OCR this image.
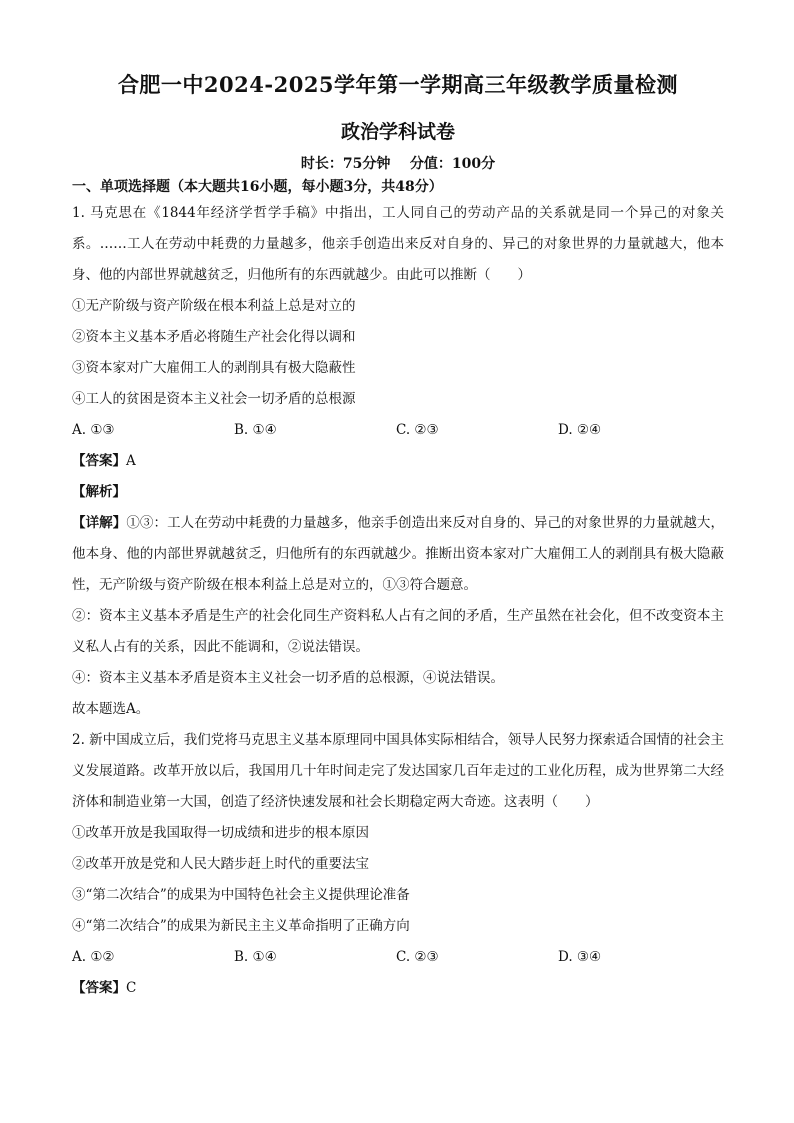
合肥一中2024-2025学年第一学期高三年级教学质量检测
政治学科试卷
时长：75分钟    分值：100分
一、单项选择题（本大题共16小题，每小题3分，共48分）

1. 马克思在《1844年经济学哲学手稿》中指出，工人同自己的劳动产品的关系就是同一个异己的对象关系。……工人在劳动中耗费的力量越多，他亲手创造出来反对自身的、异己的对象世界的力量就越大，他本身、他的内部世界就越贫乏，归他所有的东西就越少。由此可以推断（　　）

①无产阶级与资产阶级在根本利益上总是对立的

②资本主义基本矛盾必将随生产社会化得以调和

③资本家对广大雇佣工人的剥削具有极大隐蔽性

④工人的贫困是资本主义社会一切矛盾的总根源

A. ①③	B. ①④	C. ②③	D. ②④
【答案】A
【解析】

【详解】①③：工人在劳动中耗费的力量越多，他亲手创造出来反对自身的、异己的对象世界的力量就越大，他本身、他的内部世界就越贫乏，归他所有的东西就越少。推断出资本家对广大雇佣工人的剥削具有极大隐蔽性，无产阶级与资产阶级在根本利益上总是对立的，①③符合题意。

②：资本主义基本矛盾是生产的社会化同生产资料私人占有之间的矛盾，生产虽然在社会化，但不改变资本主义私人占有的关系，因此不能调和，②说法错误。

④：资本主义基本矛盾是资本主义社会一切矛盾的总根源，④说法错误。

故本题选A。

2. 新中国成立后，我们党将马克思主义基本原理同中国具体实际相结合，领导人民努力探索适合国情的社会主义发展道路。改革开放以后，我国用几十年时间走完了发达国家几百年走过的工业化历程，成为世界第二大经济体和制造业第一大国，创造了经济快速发展和社会长期稳定两大奇迹。这表明（　　）

①改革开放是我国取得一切成绩和进步的根本原因

②改革开放是党和人民大踏步赶上时代的重要法宝

③“第二次结合”的成果为中国特色社会主义提供理论准备

④“第二次结合”的成果为新民主主义革命指明了正确方向

A. ①②	B. ①④	C. ②③	D. ③④
【答案】C
